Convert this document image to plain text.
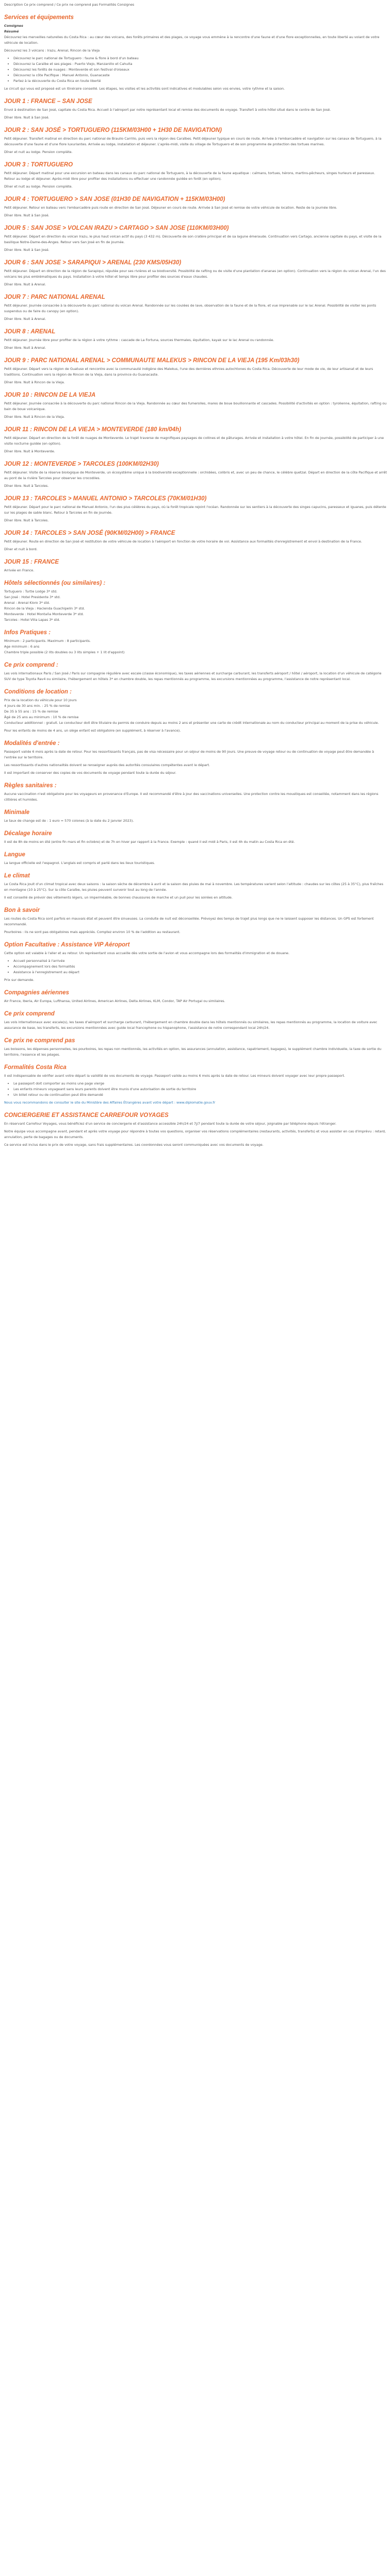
Description Ce prix comprend / Ce prix ne comprend pas Formalités Consignes

Services et équipements
Consignes
Résumé

Découvrez les merveilles naturelles du Costa Rica : au cœur des volcans, des forêts primaires et des plages, ce voyage vous emmène à la rencontre d'une faune et d'une flore exceptionnelles, en toute liberté au volant de votre véhicule de location.

Découvrez les 3 volcans : Irazu, Arenal, Rincon de la Vieja

• Découvrez le parc national de Tortuguero : faune & flore à bord d'un bateau
• Découvrez la Caraïbe et ses plages : Puerto Viejo, Manzanillo et Cahuita
• Découvrez les forêts de nuages : Monteverde et son festival d'oiseaux
• Découvrez la côte Pacifique : Manuel Antonio, Guanacaste
• Partez à la découverte du Costa Rica en toute liberté

Le circuit qui vous est proposé est un itinéraire conseillé. Les étapes, les visites et les activités sont indicatives et modulables selon vos envies, votre rythme et la saison.

JOUR 1 : FRANCE – SAN JOSE

Envol à destination de San José, capitale du Costa Rica. Accueil à l'aéroport par notre représentant local et remise des documents de voyage. Transfert à votre hôtel situé dans le centre de San José.

Dîner libre. Nuit à San José.

JOUR 2 : SAN JOSÉ > TORTUGUERO (115KM/03H00 + 1H30 DE NAVIGATION)

Petit déjeuner. Transfert matinal en direction du parc national de Braulio Carrillo, puis vers la région des Caraïbes. Petit déjeuner typique en cours de route. Arrivée à l'embarcadère et navigation sur les canaux de Tortuguero, à la découverte d'une faune et d'une flore luxuriantes. Arrivée au lodge, installation et déjeuner. L'après-midi, visite du village de Tortuguero et de son programme de protection des tortues marines.

Dîner et nuit au lodge. Pension complète.

JOUR 3 : TORTUGUERO

Petit déjeuner. Départ matinal pour une excursion en bateau dans les canaux du parc national de Tortuguero, à la découverte de la faune aquatique : caïmans, tortues, hérons, martins-pêcheurs, singes hurleurs et paresseux. Retour au lodge et déjeuner. Après-midi libre pour profiter des installations ou effectuer une randonnée guidée en forêt (en option).

Dîner et nuit au lodge. Pension complète.

JOUR 4 : TORTUGUERO > SAN JOSE (01H30 DE NAVIGATION + 115KM/03H00)

Petit déjeuner. Retour en bateau vers l'embarcadère puis route en direction de San José. Déjeuner en cours de route. Arrivée à San José et remise de votre véhicule de location. Reste de la journée libre.

Dîner libre. Nuit à San José.

JOUR 5 : SAN JOSE > VOLCAN IRAZU > CARTAGO > SAN JOSE (110KM/03H00)

Petit déjeuner. Départ en direction du volcan Irazu, le plus haut volcan actif du pays (3 432 m). Découverte de son cratère principal et de sa lagune émeraude. Continuation vers Cartago, ancienne capitale du pays, et visite de la basilique Notre-Dame-des-Anges. Retour vers San José en fin de journée.

Dîner libre. Nuit à San José.

JOUR 6 : SAN JOSE > SARAPIQUI > ARENAL (230 KMS/05H30)

Petit déjeuner. Départ en direction de la région de Sarapiqui, réputée pour ses rivières et sa biodiversité. Possibilité de rafting ou de visite d'une plantation d'ananas (en option). Continuation vers la région du volcan Arenal, l'un des volcans les plus emblématiques du pays. Installation à votre hôtel et temps libre pour profiter des sources d'eaux chaudes.

Dîner libre. Nuit à Arenal.

JOUR 7 : PARC NATIONAL ARENAL

Petit déjeuner. Journée consacrée à la découverte du parc national du volcan Arenal. Randonnée sur les coulées de lave, observation de la faune et de la flore, et vue imprenable sur le lac Arenal. Possibilité de visiter les ponts suspendus ou de faire du canopy (en option).

Dîner libre. Nuit à Arenal.

JOUR 8 : ARENAL

Petit déjeuner. Journée libre pour profiter de la région à votre rythme : cascade de La Fortuna, sources thermales, équitation, kayak sur le lac Arenal ou randonnée.

Dîner libre. Nuit à Arenal.

JOUR 9 : PARC NATIONAL ARENAL > COMMUNAUTE MALEKUS > RINCON DE LA VIEJA (195 Km/03h30)

Petit déjeuner. Départ vers la région de Guatuso et rencontre avec la communauté indigène des Malekus, l'une des dernières ethnies autochtones du Costa Rica. Découverte de leur mode de vie, de leur artisanat et de leurs traditions. Continuation vers la région de Rincon de la Vieja, dans la province du Guanacaste.

Dîner libre. Nuit à Rincon de la Vieja.

JOUR 10 : RINCON DE LA VIEJA

Petit déjeuner. Journée consacrée à la découverte du parc national Rincon de la Vieja. Randonnée au cœur des fumerolles, mares de boue bouillonnante et cascades. Possibilité d'activités en option : tyrolienne, équitation, rafting ou bain de boue volcanique.

Dîner libre. Nuit à Rincon de la Vieja.

JOUR 11 : RINCON DE LA VIEJA > MONTEVERDE (180 km/04h)

Petit déjeuner. Départ en direction de la forêt de nuages de Monteverde. Le trajet traverse de magnifiques paysages de collines et de pâturages. Arrivée et installation à votre hôtel. En fin de journée, possibilité de participer à une visite nocturne guidée (en option).

Dîner libre. Nuit à Monteverde.

JOUR 12 : MONTEVERDE > TARCOLES (100KM/02H30)

Petit déjeuner. Visite de la réserve biologique de Monteverde, un écosystème unique à la biodiversité exceptionnelle : orchidées, colibris et, avec un peu de chance, le célèbre quetzal. Départ en direction de la côte Pacifique et arrêt au pont de la rivière Tarcoles pour observer les crocodiles.

Dîner libre. Nuit à Tarcoles.

JOUR 13 : TARCOLES > MANUEL ANTONIO > TARCOLES (70KM/01H30)

Petit déjeuner. Départ pour le parc national de Manuel Antonio, l'un des plus célèbres du pays, où la forêt tropicale rejoint l'océan. Randonnée sur les sentiers à la découverte des singes capucins, paresseux et iguanes, puis détente sur les plages de sable blanc. Retour à Tarcoles en fin de journée.

Dîner libre. Nuit à Tarcoles.

JOUR 14 : TARCOLES > SAN JOSÉ (90KM/02H00) > FRANCE

Petit déjeuner. Route en direction de San José et restitution de votre véhicule de location à l'aéroport en fonction de votre horaire de vol. Assistance aux formalités d'enregistrement et envol à destination de la France.

Dîner et nuit à bord.

JOUR 15 : FRANCE

Arrivée en France.

Hôtels sélectionnés (ou similaires) :
Tortuguero : Turtle Lodge 3* std.
San José : Hotel Presidente 3* std.
Arenal : Arenal Kioro 3* std.
Rincon de la Vieja : Hacienda Guachipelin 3* std.
Monteverde : Hotel Montaña Monteverde 3* std.
Tarcoles : Hotel Villa Lapas 3* std.
Infos Pratiques :
Minimum : 2 participants. Maximum : 8 participants.
Age minimum : 6 ans
Chambre triple possible (2 lits doubles ou 3 lits simples + 1 lit d'appoint)
Ce prix comprend :

Les vols internationaux Paris / San José / Paris sur compagnie régulière avec escale (classe économique), les taxes aériennes et surcharge carburant, les transferts aéroport / hôtel / aéroport, la location d'un véhicule de catégorie SUV de type Toyota Rav4 ou similaire, l'hébergement en hôtels 3* en chambre double, les repas mentionnés au programme, les excursions mentionnées au programme, l'assistance de notre représentant local.

Conditions de location :
Prix de la location du véhicule pour 10 jours
4 jours de 30 ans min. : 25 % de remise
De 35 à 55 ans : 15 % de remise
Âgé de 25 ans au minimum : 10 % de remise

Conducteur additionnel : gratuit. Le conducteur doit être titulaire du permis de conduire depuis au moins 2 ans et présenter une carte de crédit internationale au nom du conducteur principal au moment de la prise du véhicule.

Pour les enfants de moins de 4 ans, un siège enfant est obligatoire (en supplément, à réserver à l'avance).

Modalités d'entrée :

Passeport valide 6 mois après la date de retour. Pour les ressortissants français, pas de visa nécessaire pour un séjour de moins de 90 jours. Une preuve de voyage retour ou de continuation de voyage peut être demandée à l'entrée sur le territoire.

Les ressortissants d'autres nationalités doivent se renseigner auprès des autorités consulaires compétentes avant le départ.

Il est important de conserver des copies de vos documents de voyage pendant toute la durée du séjour.

Règles sanitaires :

Aucune vaccination n'est obligatoire pour les voyageurs en provenance d'Europe. Il est recommandé d'être à jour des vaccinations universelles. Une protection contre les moustiques est conseillée, notamment dans les régions côtières et humides.

Minimale

Le taux de change est de : 1 euro = 570 colones (à la date du 2 janvier 2023).

Décalage horaire

Il est de 8h de moins en été (entre fin mars et fin octobre) et de 7h en hiver par rapport à la France. Exemple : quand il est midi à Paris, il est 4h du matin au Costa Rica en été.

Langue

La langue officielle est l'espagnol. L'anglais est compris et parlé dans les lieux touristiques.

Le climat

Le Costa Rica jouit d'un climat tropical avec deux saisons : la saison sèche de décembre à avril et la saison des pluies de mai à novembre. Les températures varient selon l'altitude : chaudes sur les côtes (25 à 35°C), plus fraîches en montagne (10 à 25°C). Sur la côte Caraïbe, les pluies peuvent survenir tout au long de l'année.

Il est conseillé de prévoir des vêtements légers, un imperméable, de bonnes chaussures de marche et un pull pour les soirées en altitude.

Bon à savoir

Les routes du Costa Rica sont parfois en mauvais état et peuvent être sinueuses. La conduite de nuit est déconseillée. Prévoyez des temps de trajet plus longs que ne le laissent supposer les distances. Un GPS est fortement recommandé.

Pourboires : ils ne sont pas obligatoires mais appréciés. Comptez environ 10 % de l'addition au restaurant.

Option Facultative : Assistance VIP Aéroport

Cette option est valable à l'aller et au retour. Un représentant vous accueille dès votre sortie de l'avion et vous accompagne lors des formalités d'immigration et de douane.

• Accueil personnalisé à l'arrivée
• Accompagnement lors des formalités
• Assistance à l'enregistrement au départ

Prix sur demande.

Compagnies aériennes

Air France, Iberia, Air Europa, Lufthansa, United Airlines, American Airlines, Delta Airlines, KLM, Condor, TAP Air Portugal ou similaires.

Ce prix comprend

Les vols internationaux avec escale(s), les taxes d'aéroport et surcharge carburant, l'hébergement en chambre double dans les hôtels mentionnés ou similaires, les repas mentionnés au programme, la location de voiture avec assurance de base, les transferts, les excursions mentionnées avec guide local francophone ou hispanophone, l'assistance de notre correspondant local 24h/24.

Ce prix ne comprend pas

Les boissons, les dépenses personnelles, les pourboires, les repas non mentionnés, les activités en option, les assurances (annulation, assistance, rapatriement, bagages), le supplément chambre individuelle, la taxe de sortie du territoire, l'essence et les péages.

Formalités Costa Rica

Il est indispensable de vérifier avant votre départ la validité de vos documents de voyage. Passeport valide au moins 6 mois après la date de retour. Les mineurs doivent voyager avec leur propre passeport.

• Le passeport doit comporter au moins une page vierge
• Les enfants mineurs voyageant sans leurs parents doivent être munis d'une autorisation de sortie du territoire
• Un billet retour ou de continuation peut être demandé

Nous vous recommandons de consulter le site du Ministère des Affaires Étrangères avant votre départ : www.diplomatie.gouv.fr

CONCIERGERIE ET ASSISTANCE CARREFOUR VOYAGES

En réservant Carrefour Voyages, vous bénéficiez d'un service de conciergerie et d'assistance accessible 24h/24 et 7j/7 pendant toute la durée de votre séjour, joignable par téléphone depuis l'étranger.

Notre équipe vous accompagne avant, pendant et après votre voyage pour répondre à toutes vos questions, organiser vos réservations complémentaires (restaurants, activités, transferts) et vous assister en cas d'imprévu : retard, annulation, perte de bagages ou de documents.

Ce service est inclus dans le prix de votre voyage, sans frais supplémentaires. Les coordonnées vous seront communiquées avec vos documents de voyage.
